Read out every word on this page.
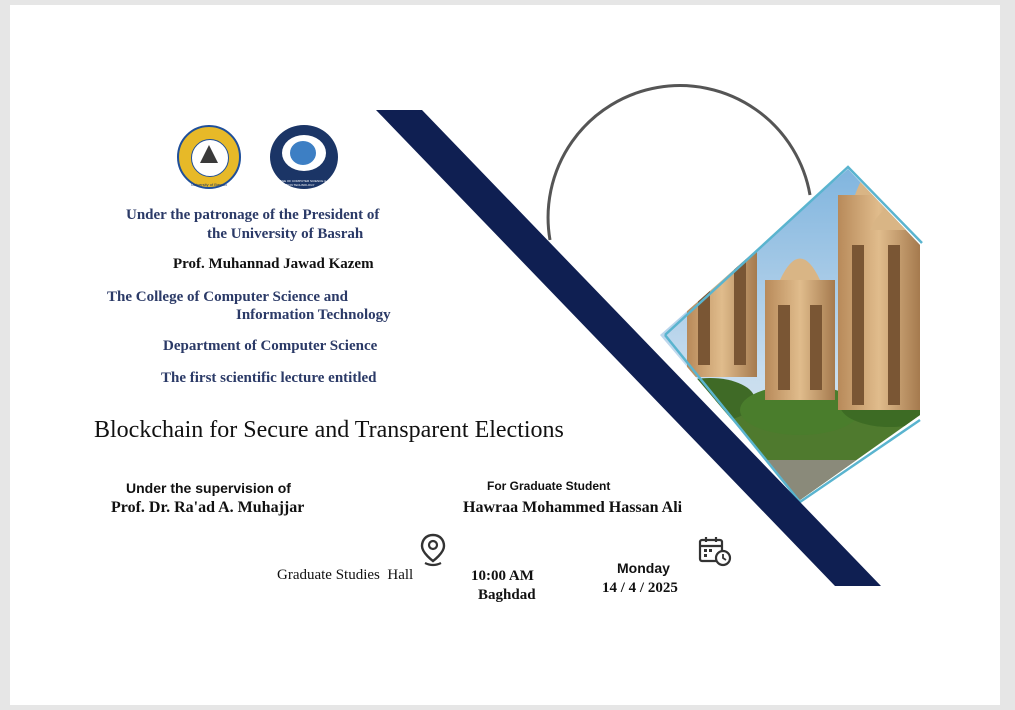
University of Basrah
COLLEGE OF COMPUTER SCIENCE & INFORMATION TECHNOLOGY
Under the patronage of the President of
the University of Basrah
Prof. Muhannad Jawad Kazem
The College of Computer Science and
Information Technology
Department of Computer Science
The first scientific lecture entitled
Blockchain for Secure and Transparent Elections
Under the supervision of
Prof. Dr. Ra'ad A. Muhajjar
For Graduate Student
Hawraa Mohammed Hassan Ali
Graduate Studies  Hall	10:00 AM
Baghdad
Monday
14 / 4 / 2025
